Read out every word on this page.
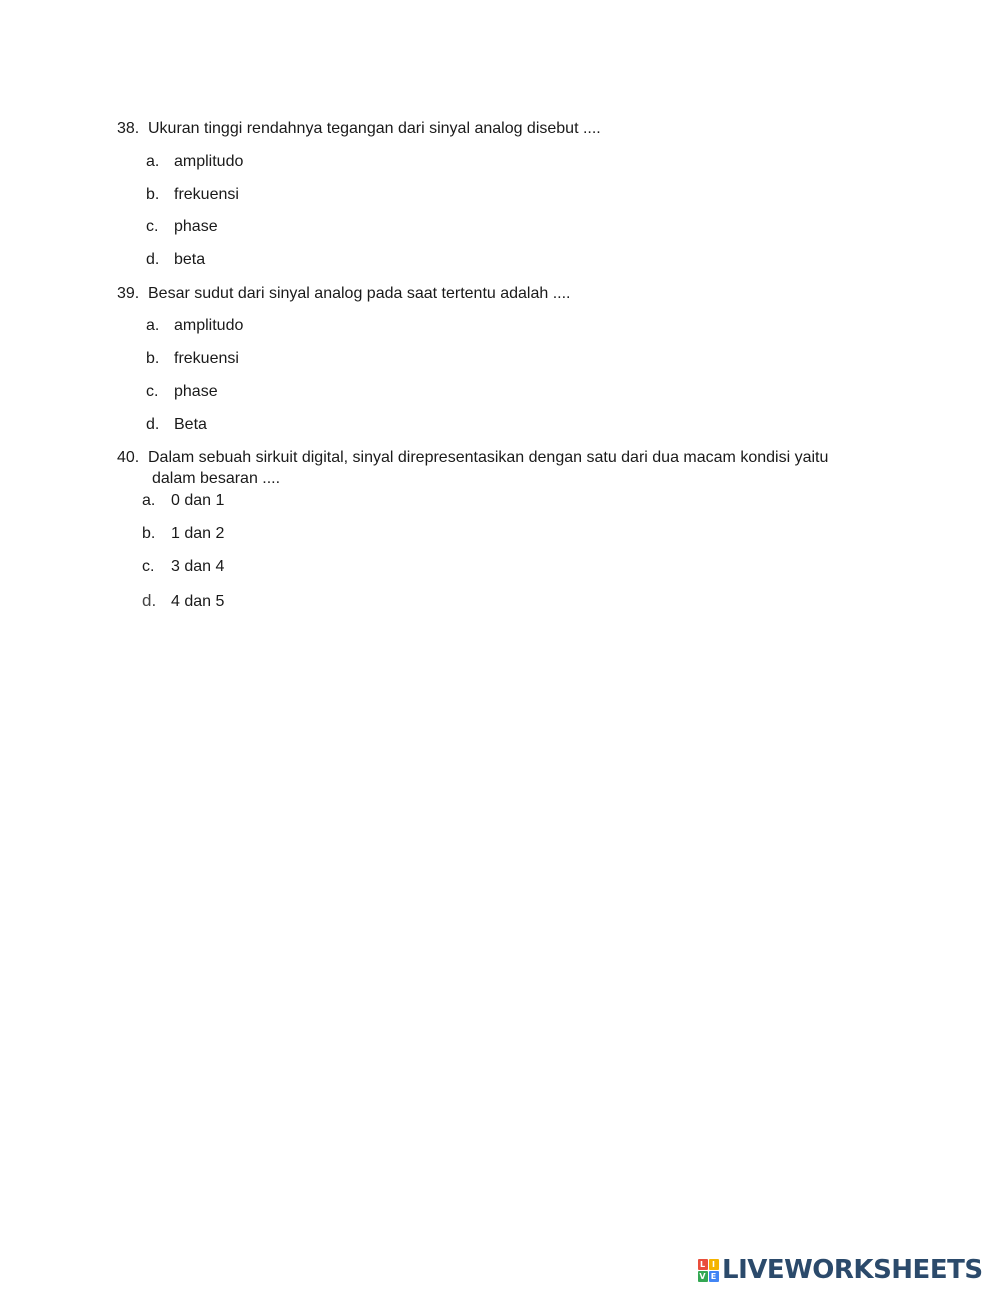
38. Ukuran tinggi rendahnya tegangan dari sinyal analog disebut ....

a. amplitudo

b. frekuensi

c. phase

d. beta

39. Besar sudut dari sinyal analog pada saat tertentu adalah ....

a. amplitudo

b. frekuensi

c. phase

d. Beta

40. Dalam sebuah sirkuit digital, sinyal direpresentasikan dengan satu dari dua macam kondisi yaitu
dalam besaran ....

a. 0 dan 1

b. 1 dan 2

c. 3 dan 4

d. 4 dan 5

L I
V E LIVEWORKSHEETS
